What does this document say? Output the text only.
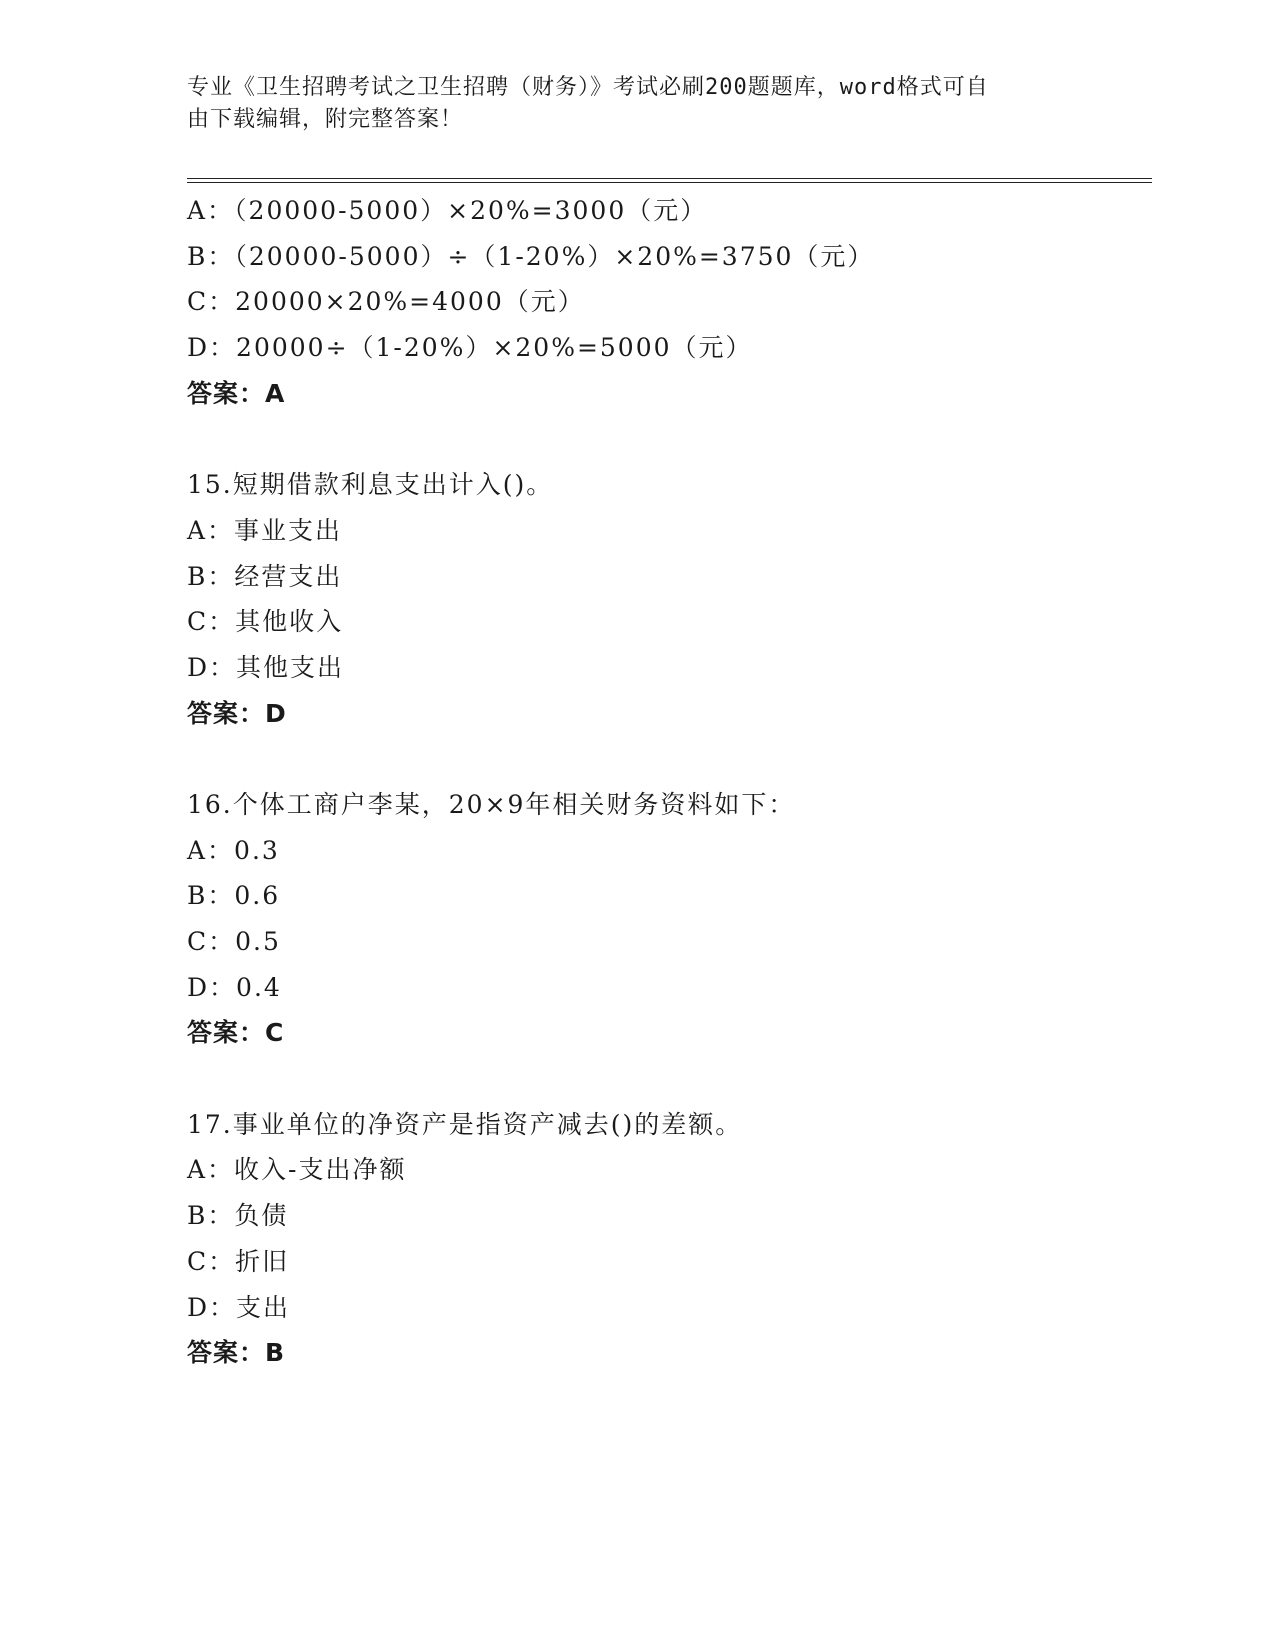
专业《卫生招聘考试之卫生招聘（财务）》考试必刷200题题库，word格式可自
由下载编辑，附完整答案！
A：（20000-5000）×20%=3000（元）
B：（20000-5000）÷（1-20%）×20%=3750（元）
C：20000×20%=4000（元）
D：20000÷（1-20%）×20%=5000（元）
答案：A
15.短期借款利息支出计入()。
A：事业支出
B：经营支出
C：其他收入
D：其他支出
答案：D
16.个体工商户李某，20×9年相关财务资料如下：
A：0.3
B：0.6
C：0.5
D：0.4
答案：C
17.事业单位的净资产是指资产减去()的差额。
A：收入-支出净额
B：负债
C：折旧
D：支出
答案：B
